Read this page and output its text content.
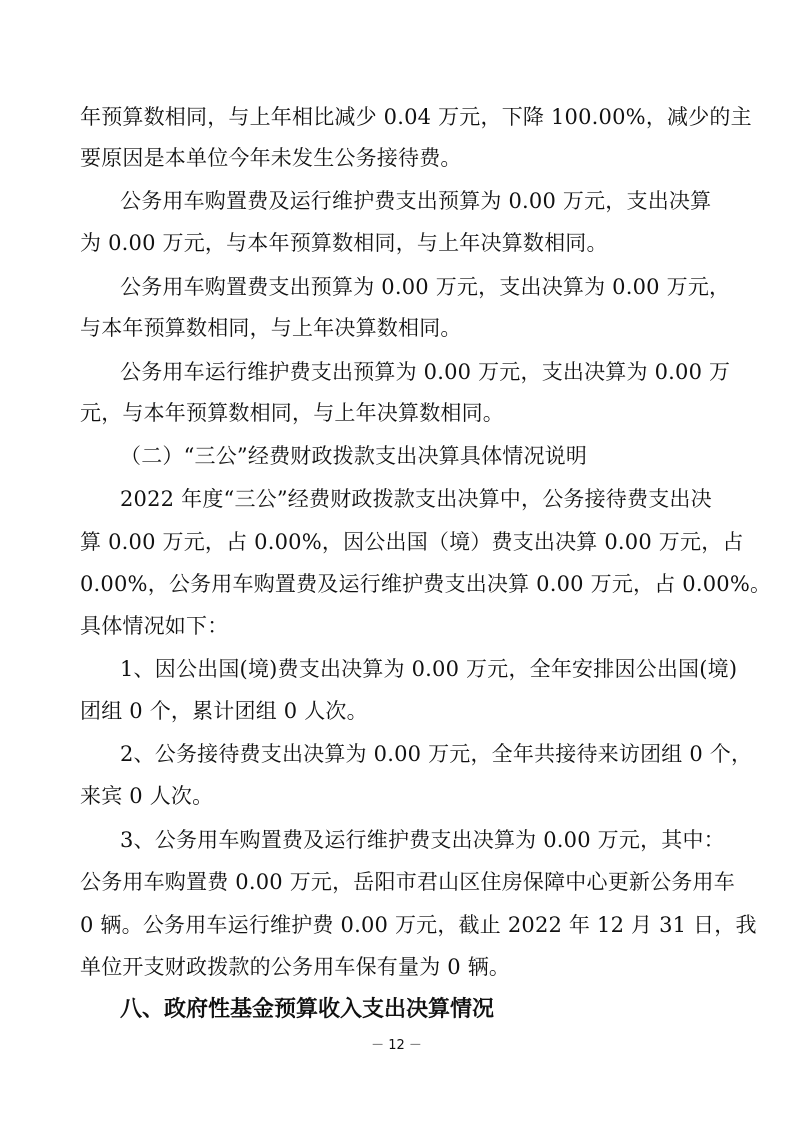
年预算数相同，与上年相比减少 0.04 万元，下降 100.00%，减少的主
要原因是本单位今年未发生公务接待费。
公务用车购置费及运行维护费支出预算为 0.00 万元，支出决算
为 0.00 万元，与本年预算数相同，与上年决算数相同。
公务用车购置费支出预算为 0.00 万元，支出决算为 0.00 万元，
与本年预算数相同，与上年决算数相同。
公务用车运行维护费支出预算为 0.00 万元，支出决算为 0.00 万
元，与本年预算数相同，与上年决算数相同。
（二）“三公”经费财政拨款支出决算具体情况说明
2022 年度“三公”经费财政拨款支出决算中，公务接待费支出决
算 0.00 万元，占 0.00%，因公出国（境）费支出决算 0.00 万元，占
0.00%，公务用车购置费及运行维护费支出决算 0.00 万元，占 0.00%。
具体情况如下：
1、因公出国(境)费支出决算为 0.00 万元，全年安排因公出国(境)
团组 0 个，累计团组 0 人次。
2、公务接待费支出决算为 0.00 万元，全年共接待来访团组 0 个，
来宾 0 人次。
3、公务用车购置费及运行维护费支出决算为 0.00 万元，其中：
公务用车购置费 0.00 万元，岳阳市君山区住房保障中心更新公务用车
0 辆。公务用车运行维护费 0.00 万元，截止 2022 年 12 月 31 日，我
单位开支财政拨款的公务用车保有量为 0 辆。
八、政府性基金预算收入支出决算情况
－ 12 －
